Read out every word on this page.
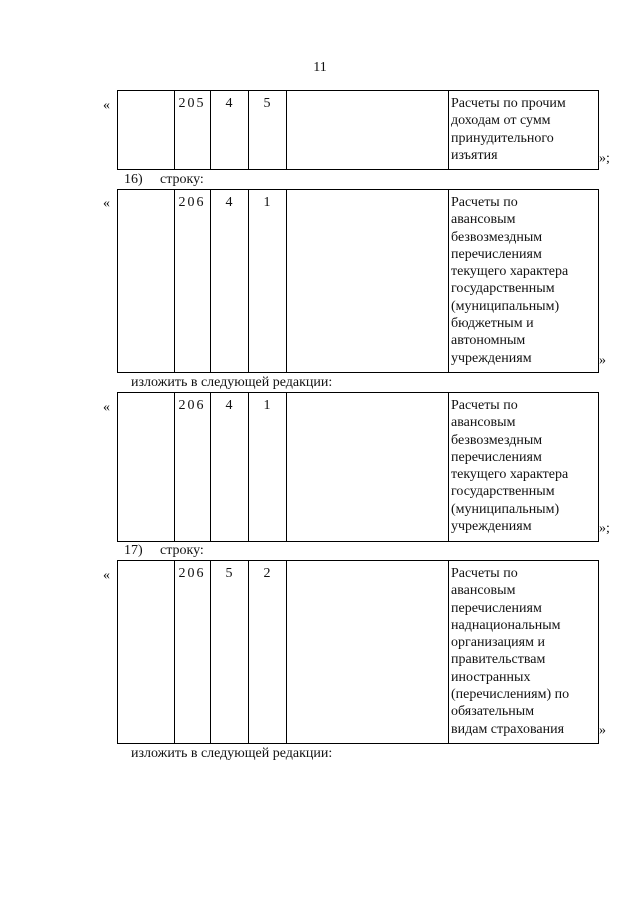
11
«	205	4	5	Расчеты по прочим
доходам от сумм
принудительного
изъятия	»;
16) строку:
«	206	4	1	Расчеты по
авансовым
безвозмездным
перечислениям
текущего характера
государственным
(муниципальным)
бюджетным и
автономным
учреждениям	»
изложить в следующей редакции:
«	206	4	1	Расчеты по
авансовым
безвозмездным
перечислениям
текущего характера
государственным
(муниципальным)
учреждениям	»;
17) строку:
«	206	5	2	Расчеты по
авансовым
перечислениям
наднациональным
организациям и
правительствам
иностранных
(перечислениям) по
обязательным
видам страхования	»
изложить в следующей редакции:
